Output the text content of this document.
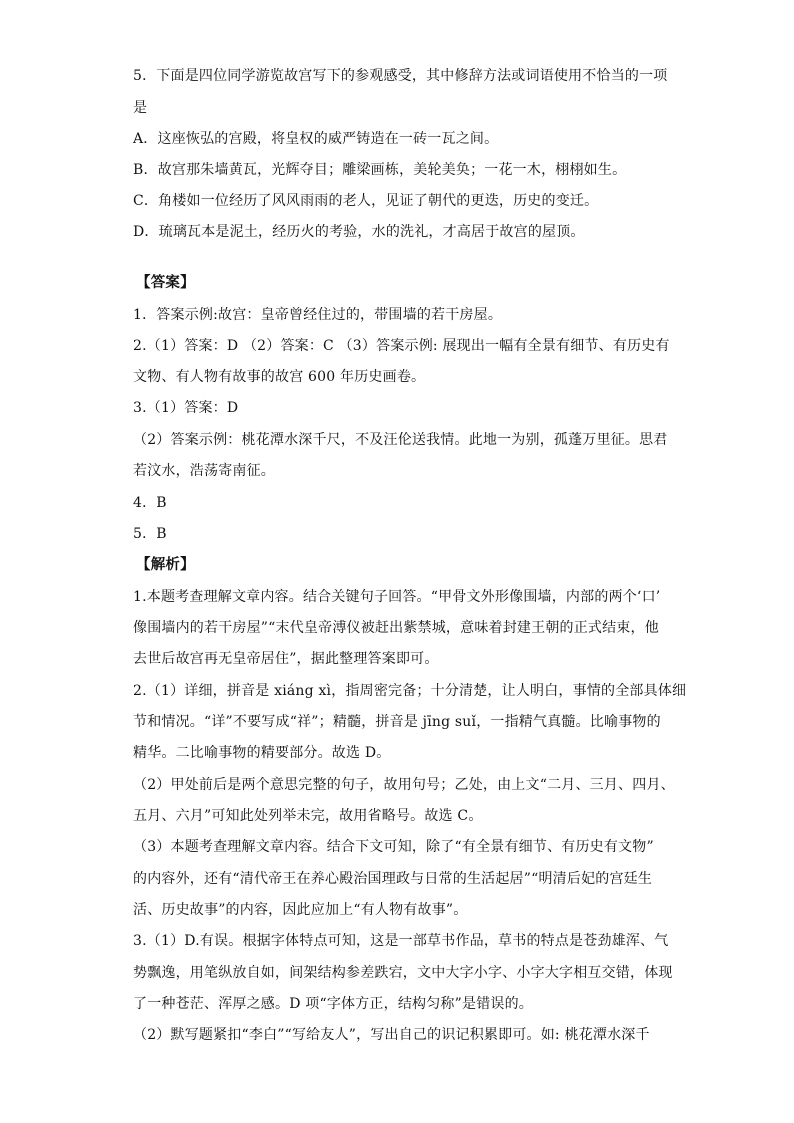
5．下面是四位同学游览故宫写下的参观感受，其中修辞方法或词语使用不恰当的一项
是
A．这座恢弘的宫殿，将皇权的威严铸造在一砖一瓦之间。
B．故宫那朱墙黄瓦，光辉夺目；雕梁画栋，美轮美奂；一花一木，栩栩如生。
C．角楼如一位经历了风风雨雨的老人，见证了朝代的更迭，历史的变迁。
D．琉璃瓦本是泥土，经历火的考验，水的洗礼，才高居于故宫的屋顶。
【答案】
1．答案示例:故宫：皇帝曾经住过的，带围墙的若干房屋。
2.（1）答案：D （2）答案：C （3）答案示例: 展现出一幅有全景有细节、有历史有
文物、有人物有故事的故宫 600 年历史画卷。
3.（1）答案：D
（2）答案示例：桃花潭水深千尺，不及汪伦送我情。此地一为别，孤蓬万里征。思君
若汶水，浩荡寄南征。
4．B
5．B
【解析】
1.本题考查理解文章内容。结合关键句子回答。“甲骨文外形像围墙，内部的两个‘口’
像围墙内的若干房屋”“末代皇帝溥仪被赶出紫禁城，意味着封建王朝的正式结束，他
去世后故宫再无皇帝居住”，据此整理答案即可。
2.（1）详细，拼音是 xiáng xì，指周密完备；十分清楚，让人明白，事情的全部具体细
节和情况。“详”不要写成“祥”；精髓，拼音是 jīng suǐ，一指精气真髓。比喻事物的
精华。二比喻事物的精要部分。故选 D。
（2）甲处前后是两个意思完整的句子，故用句号；乙处，由上文“二月、三月、四月、
五月、六月”可知此处列举未完，故用省略号。故选 C。
（3）本题考查理解文章内容。结合下文可知，除了“有全景有细节、有历史有文物”
的内容外，还有“清代帝王在养心殿治国理政与日常的生活起居”“明清后妃的宫廷生
活、历史故事”的内容，因此应加上“有人物有故事”。
3.（1）D.有误。根据字体特点可知，这是一部草书作品，草书的特点是苍劲雄浑、气
势飘逸，用笔纵放自如，间架结构参差跌宕，文中大字小字、小字大字相互交错，体现
了一种苍茫、浑厚之感。D 项“字体方正，结构匀称”是错误的。
（2）默写题紧扣“李白”“写给友人”，写出自己的识记积累即可。如: 桃花潭水深千
